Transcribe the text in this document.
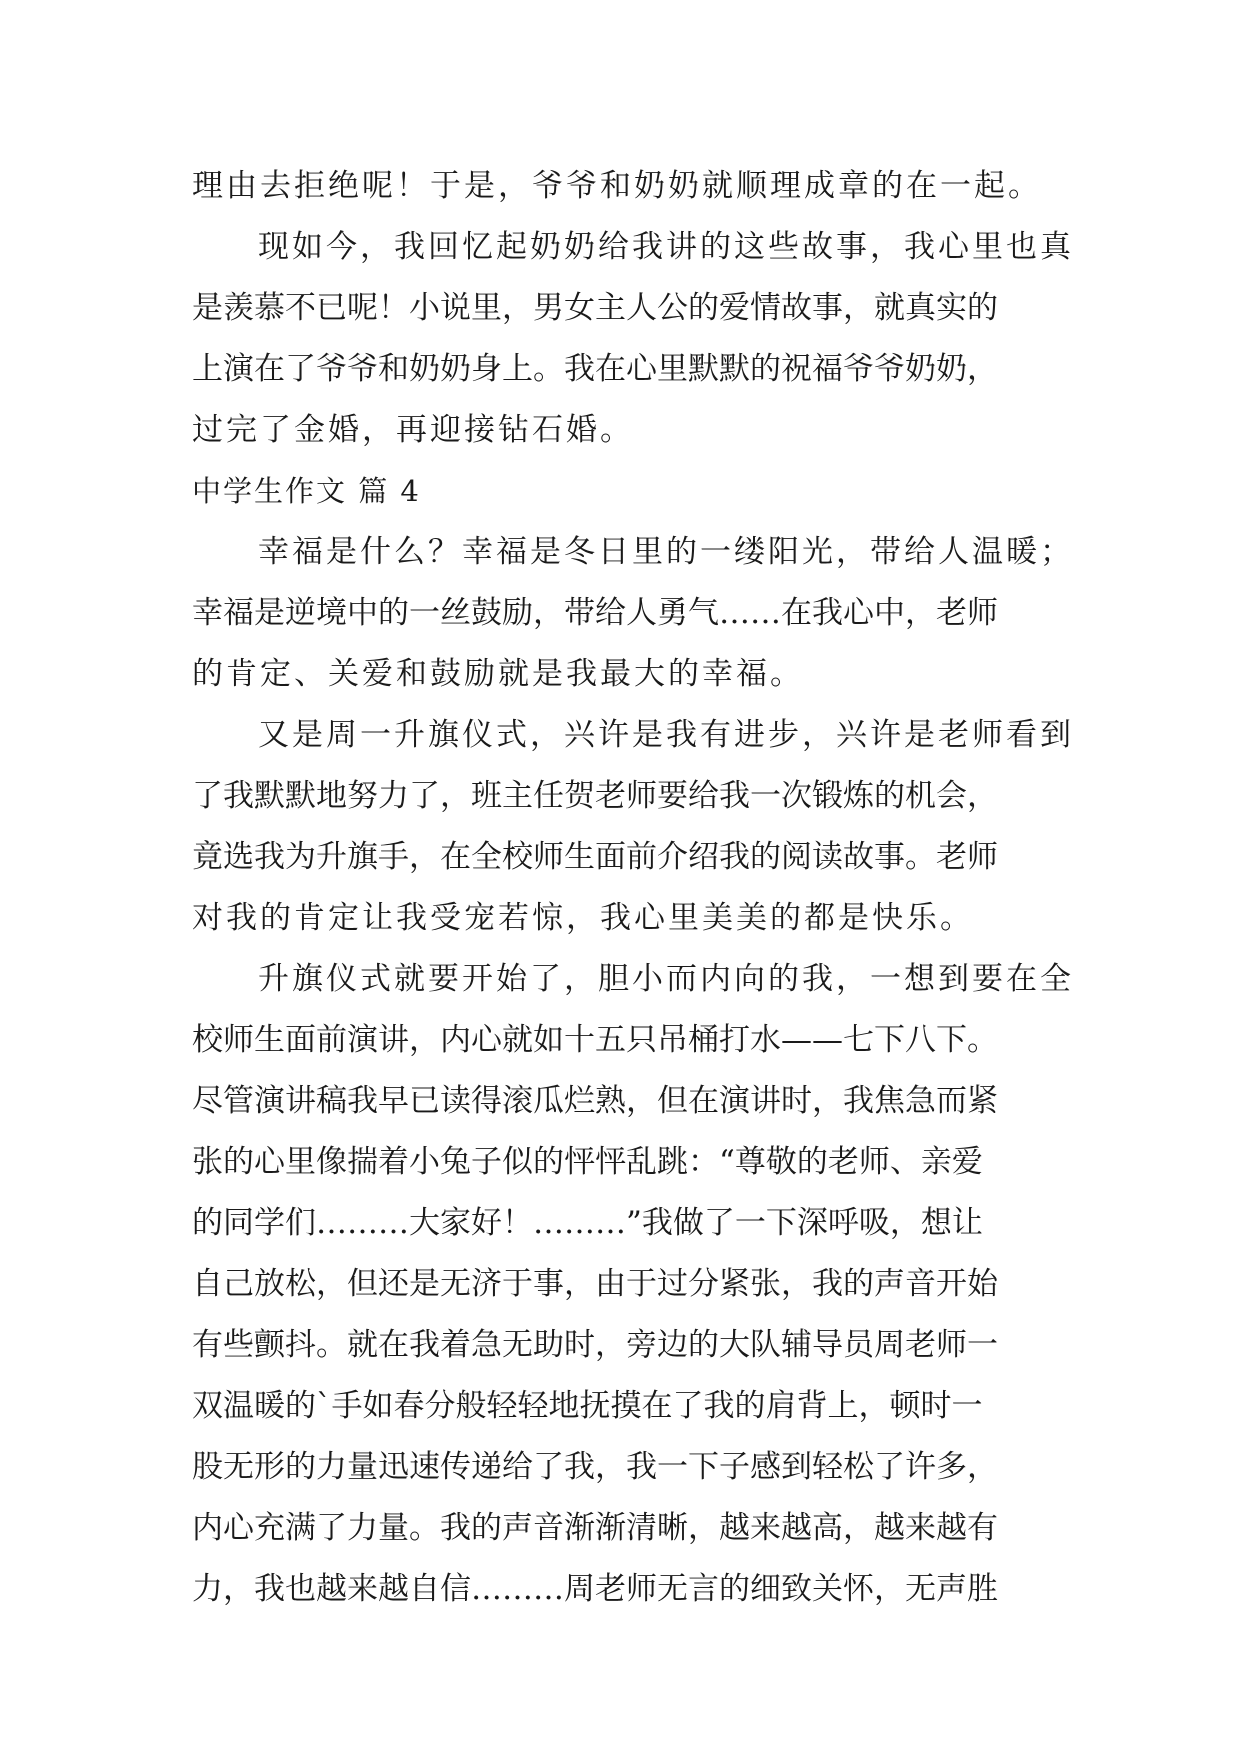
理由去拒绝呢！于是，爷爷和奶奶就顺理成章的在一起。
现如今，我回忆起奶奶给我讲的这些故事，我心里也真
是羡慕不已呢！小说里，男女主人公的爱情故事，就真实的
上演在了爷爷和奶奶身上。我在心里默默的祝福爷爷奶奶，
过完了金婚，再迎接钻石婚。
中学生作文 篇 4
幸福是什么？幸福是冬日里的一缕阳光，带给人温暖；
幸福是逆境中的一丝鼓励，带给人勇气……在我心中，老师
的肯定、关爱和鼓励就是我最大的幸福。
又是周一升旗仪式，兴许是我有进步，兴许是老师看到
了我默默地努力了，班主任贺老师要给我一次锻炼的机会，
竟选我为升旗手，在全校师生面前介绍我的阅读故事。老师
对我的肯定让我受宠若惊，我心里美美的都是快乐。
升旗仪式就要开始了，胆小而内向的我，一想到要在全
校师生面前演讲，内心就如十五只吊桶打水——七下八下。
尽管演讲稿我早已读得滚瓜烂熟，但在演讲时，我焦急而紧
张的心里像揣着小兔子似的怦怦乱跳：“尊敬的老师、亲爱
的同学们………大家好！………”我做了一下深呼吸，想让
自己放松，但还是无济于事，由于过分紧张，我的声音开始
有些颤抖。就在我着急无助时，旁边的大队辅导员周老师一
双温暖的`手如春分般轻轻地抚摸在了我的肩背上，顿时一
股无形的力量迅速传递给了我，我一下子感到轻松了许多，
内心充满了力量。我的声音渐渐清晰，越来越高，越来越有
力，我也越来越自信………周老师无言的细致关怀，无声胜
